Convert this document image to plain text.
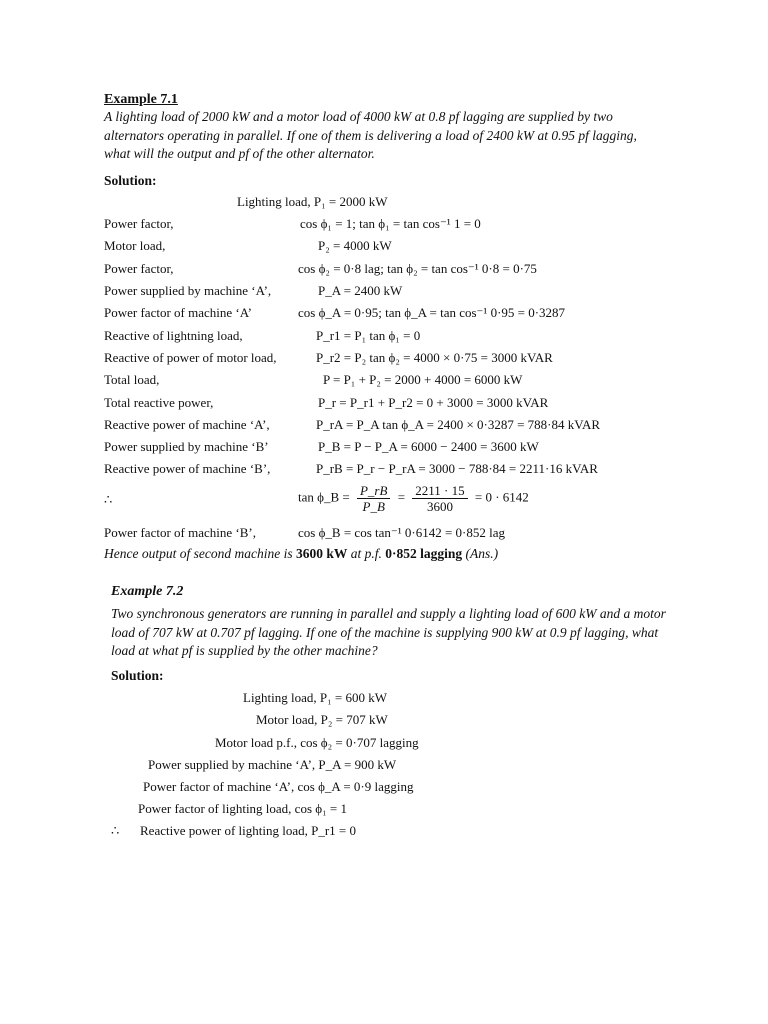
Example 7.1
A lighting load of 2000 kW and a motor load of 4000 kW at 0.8 pf lagging are supplied by two alternators operating in parallel. If one of them is delivering a load of 2400 kW at 0.95 pf lagging, what will the output and pf of the other alternator.
Solution:
Lighting load, P₁ = 2000 kW
Power factor,	cos ϕ₁ = 1; tan ϕ₁ = tan cos⁻¹ 1 = 0
Motor load,	P₂ = 4000 kW
Power factor,	cos ϕ₂ = 0·8 lag; tan ϕ₂ = tan cos⁻¹ 0·8 = 0·75
Power supplied by machine ‘A’,	P_A = 2400 kW
Power factor of machine ‘A’	cos ϕ_A = 0·95; tan ϕ_A = tan cos⁻¹ 0·95 = 0·3287
Reactive of lightning load,	P_r1 = P₁ tan ϕ₁ = 0
Reactive of power of motor load,	P_r2 = P₂ tan ϕ₂ = 4000 × 0·75 = 3000 kVAR
Total load,	P = P₁ + P₂ = 2000 + 4000 = 6000 kW
Total reactive power,	P_r = P_r1 + P_r2 = 0 + 3000 = 3000 kVAR
Reactive power of machine ‘A’,	P_rA = P_A tan ϕ_A = 2400 × 0·3287 = 788·84 kVAR
Power supplied by machine ‘B’	P_B = P − P_A = 6000 − 2400 = 3600 kW
Reactive power of machine ‘B’,	P_rB = P_r − P_rA = 3000 − 788·84 = 2211·16 kVAR
∴	tan ϕ_B = $\frac{P\_rB}{P\_B} = \frac{2211 \cdot 15}{3600} = 0 \cdot 6142$
Power factor of machine ‘B’,	cos ϕ_B = cos tan⁻¹ 0·6142 = 0·852 lag
Hence output of second machine is 3600 kW at p.f. 0·852 lagging (Ans.)
Example 7.2
Two synchronous generators are running in parallel and supply a lighting load of 600 kW and a motor load of 707 kW at 0.707 pf lagging. If one of the machine is supplying 900 kW at 0.9 pf lagging, what load at what pf is supplied by the other machine?
Solution:
Lighting load, P₁ = 600 kW
Motor load, P₂ = 707 kW
Motor load p.f., cos ϕ₂ = 0·707 lagging
Power supplied by machine ‘A’, P_A = 900 kW
Power factor of machine ‘A’, cos ϕ_A = 0·9 lagging
Power factor of lighting load, cos ϕ₁ = 1
∴ Reactive power of lighting load, P_r1 = 0
